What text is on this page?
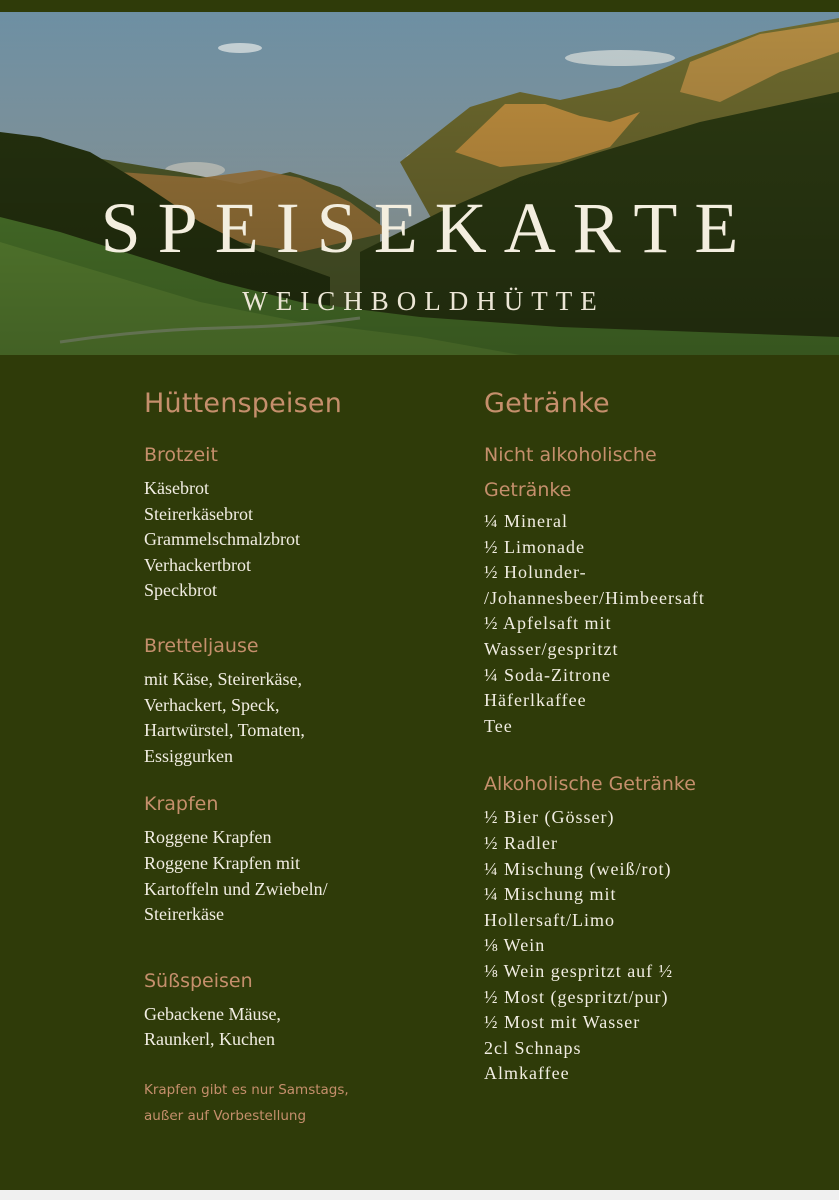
SPEISEKARTE
WEICHBOLDHÜTTE
Hüttenspeisen
Brotzeit
Käsebrot
Steirerkäsebrot
Grammelschmalzbrot
Verhackertbrot
Speckbrot
Bretteljause
mit Käse, Steirerkäse,
Verhackert, Speck,
Hartwürstel, Tomaten,
Essiggurken
Krapfen
Roggene Krapfen
Roggene Krapfen mit
Kartoffeln und Zwiebeln/
Steirerkäse
Süßspeisen
Gebackene Mäuse,
Raunkerl, Kuchen
Krapfen gibt es nur Samstags,
außer auf Vorbestellung
Getränke
Nicht alkoholische
Getränke
¼ Mineral
½ Limonade
½ Holunder-
/Johannesbeer/Himbeersaft
½ Apfelsaft mit
Wasser/gespritzt
¼ Soda-Zitrone
Häferlkaffee
Tee
Alkoholische Getränke
½ Bier (Gösser)
½ Radler
¼ Mischung (weiß/rot)
¼ Mischung mit
Hollersaft/Limo
⅛ Wein
⅛ Wein gespritzt auf ½
½ Most (gespritzt/pur)
½ Most mit Wasser
2cl Schnaps
Almkaffee
